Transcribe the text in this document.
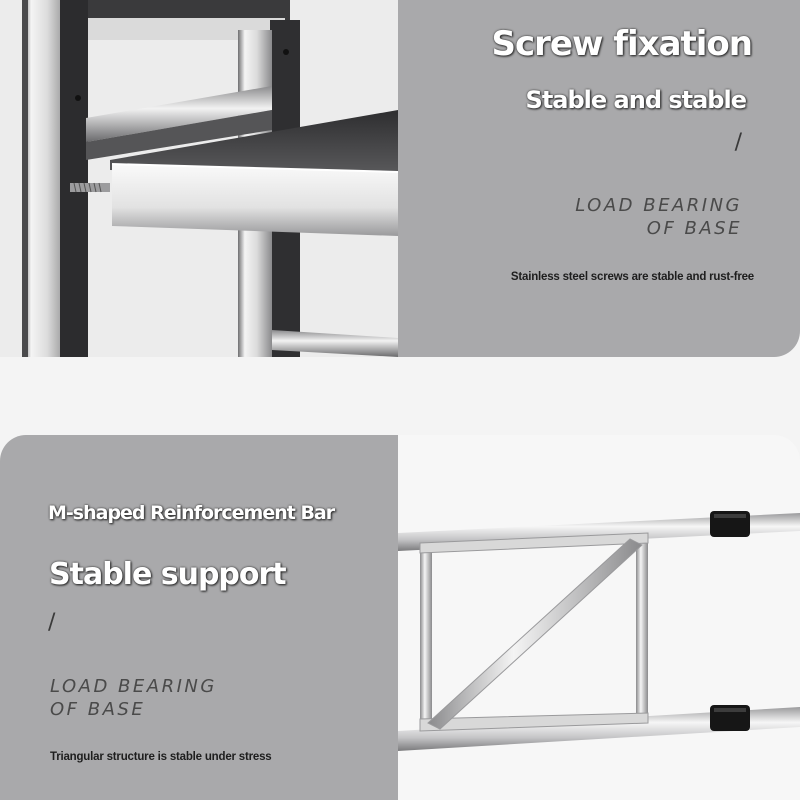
Screw fixation
Stable and stable
/
LOAD BEARING
OF BASE
Stainless steel screws are stable and rust-free
M-shaped Reinforcement Bar
Stable support
/
LOAD BEARING
OF BASE
Triangular structure is stable under stress
